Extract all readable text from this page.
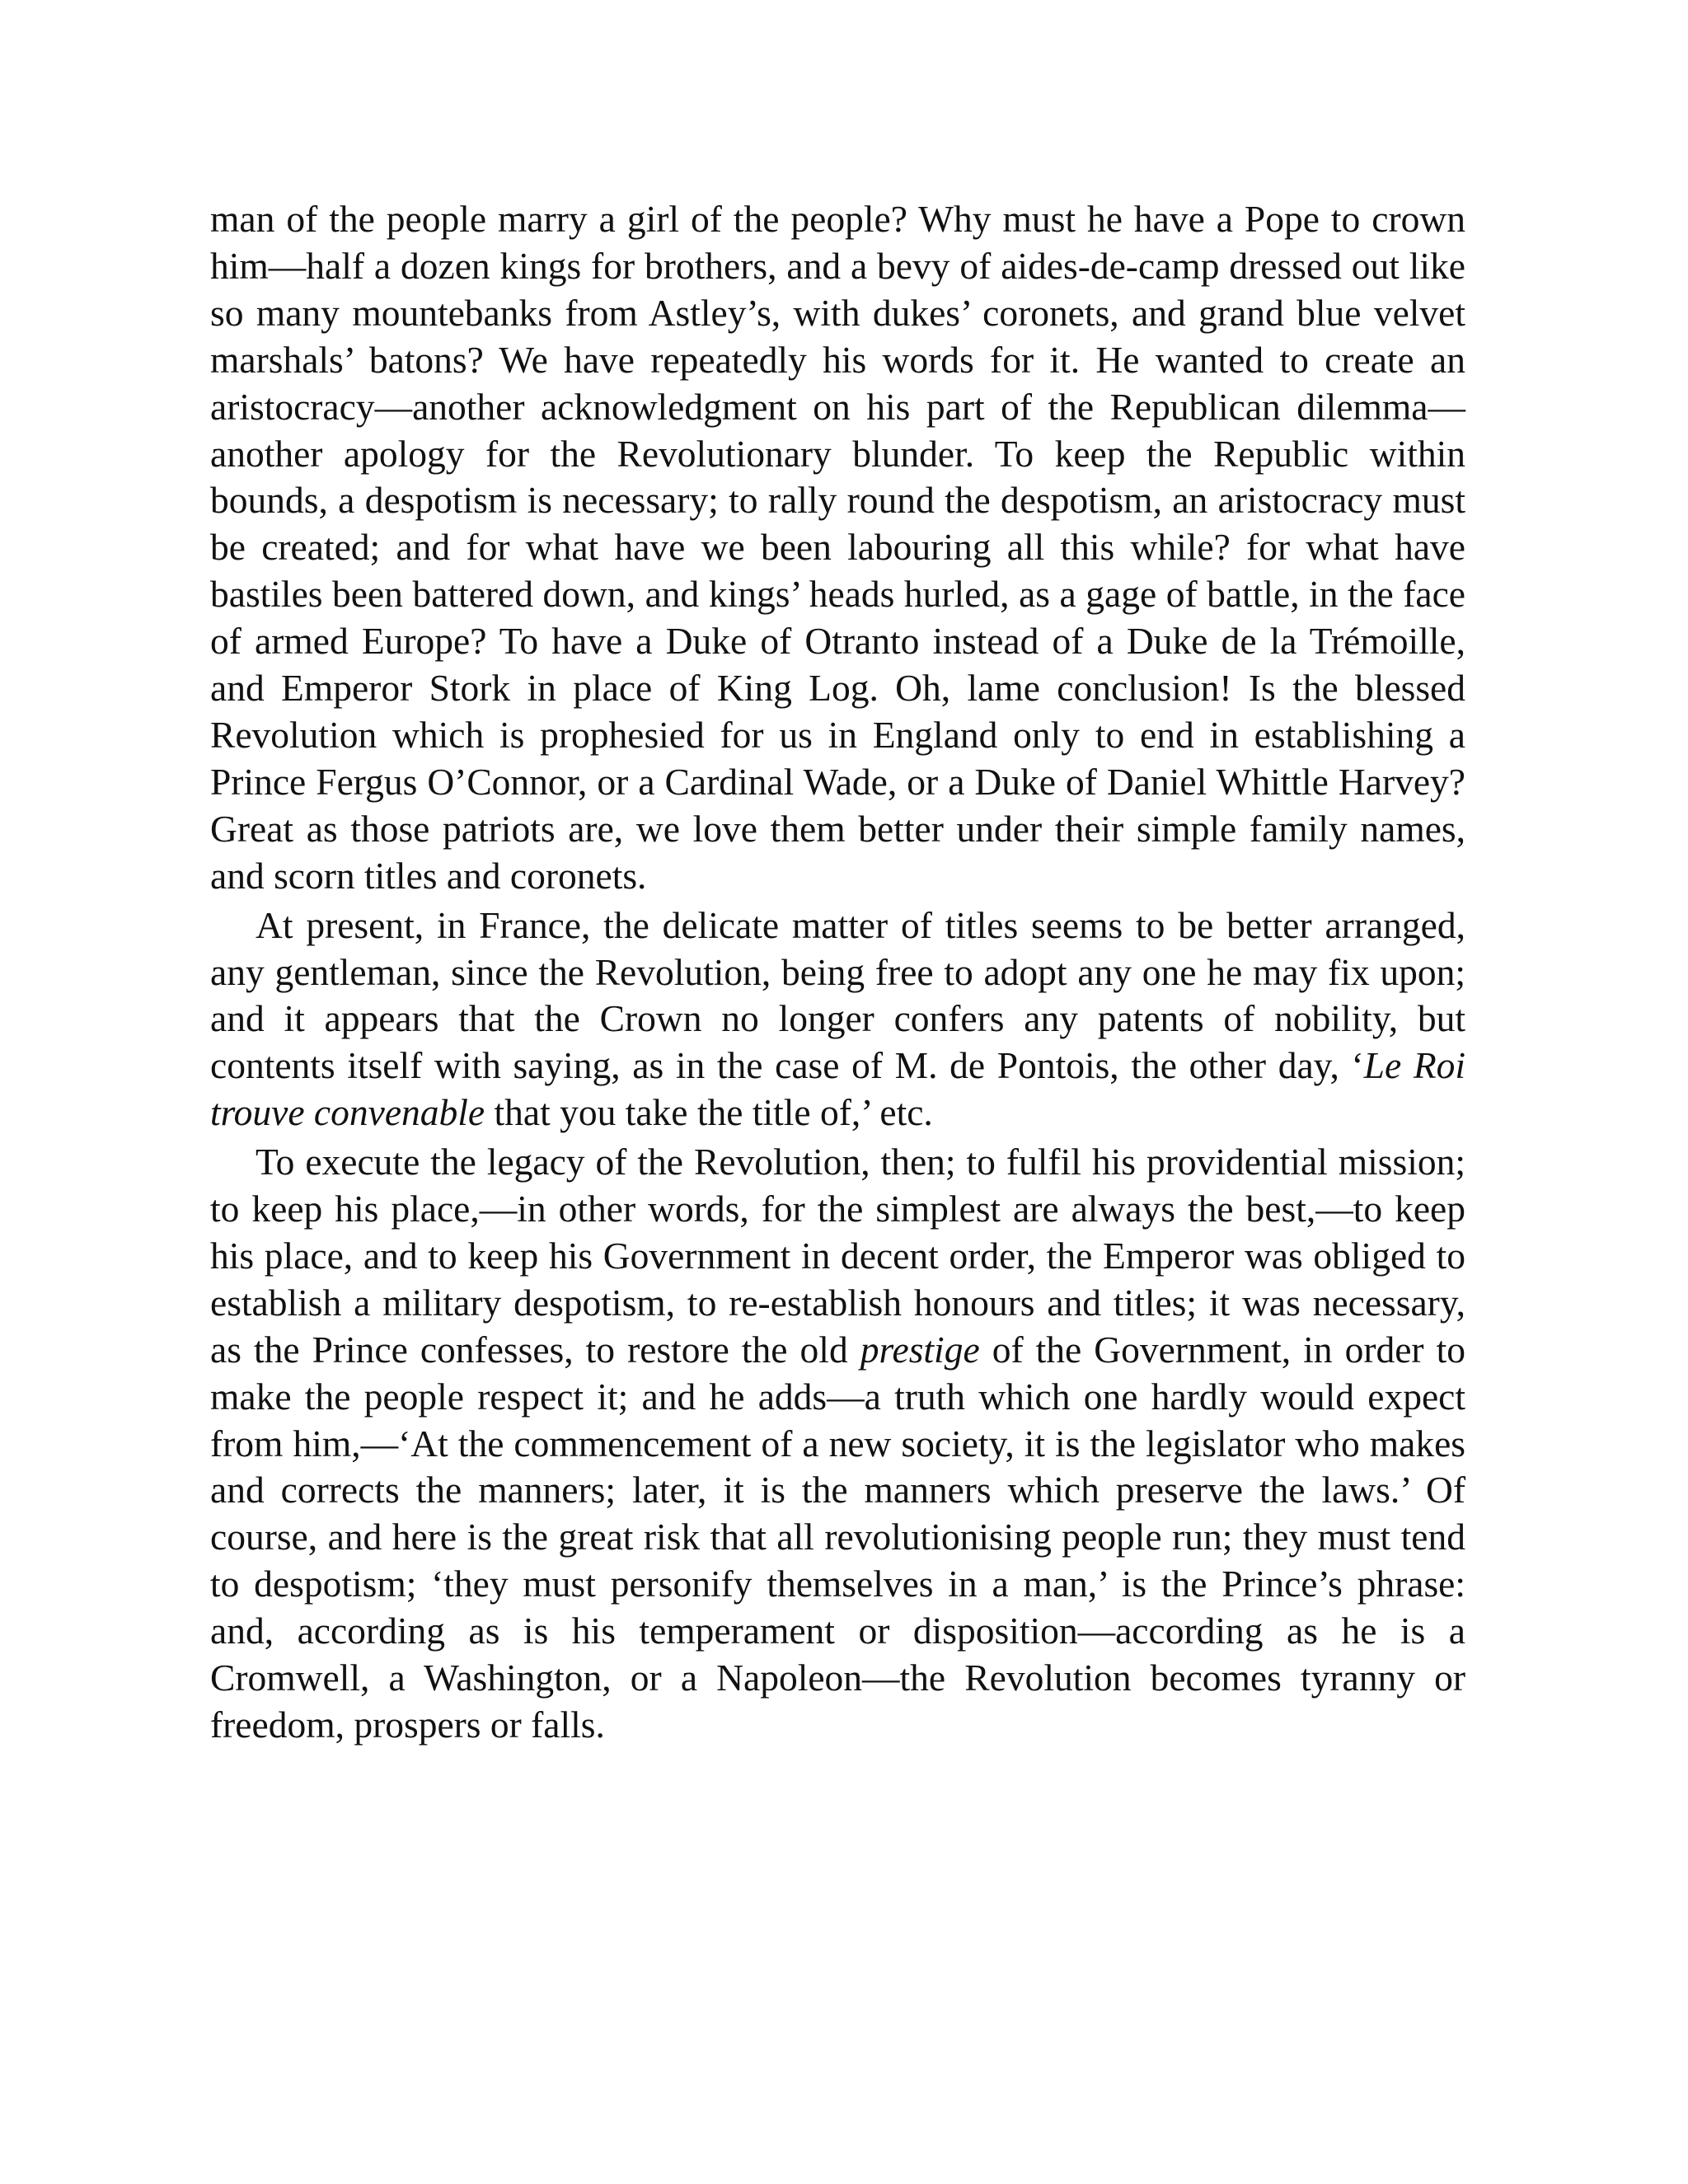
man of the people marry a girl of the people? Why must he have a Pope to crown him—half a dozen kings for brothers, and a bevy of aides-de-camp dressed out like so many mountebanks from Astley’s, with dukes’ coronets, and grand blue velvet marshals’ batons? We have repeatedly his words for it. He wanted to create an aristocracy—another acknowledgment on his part of the Republican dilemma—another apology for the Revolutionary blunder. To keep the Republic within bounds, a despotism is necessary; to rally round the despotism, an aristocracy must be created; and for what have we been labouring all this while? for what have bastiles been battered down, and kings’ heads hurled, as a gage of battle, in the face of armed Europe? To have a Duke of Otranto instead of a Duke de la Trémoille, and Emperor Stork in place of King Log. Oh, lame conclusion! Is the blessed Revolution which is prophesied for us in England only to end in establishing a Prince Fergus O’Connor, or a Cardinal Wade, or a Duke of Daniel Whittle Harvey? Great as those patriots are, we love them better under their simple family names, and scorn titles and coronets.

At present, in France, the delicate matter of titles seems to be better arranged, any gentleman, since the Revolution, being free to adopt any one he may fix upon; and it appears that the Crown no longer confers any patents of nobility, but contents itself with saying, as in the case of M. de Pontois, the other day, ‘Le Roi trouve convenable that you take the title of,’ etc.

To execute the legacy of the Revolution, then; to fulfil his providential mission; to keep his place,—in other words, for the simplest are always the best,—to keep his place, and to keep his Government in decent order, the Emperor was obliged to establish a military despotism, to re-establish honours and titles; it was necessary, as the Prince confesses, to restore the old prestige of the Government, in order to make the people respect it; and he adds—a truth which one hardly would expect from him,—‘At the commencement of a new society, it is the legislator who makes and corrects the manners; later, it is the manners which preserve the laws.’ Of course, and here is the great risk that all revolutionising people run; they must tend to despotism; ‘they must personify themselves in a man,’ is the Prince’s phrase: and, according as is his temperament or disposition—according as he is a Cromwell, a Washington, or a Napoleon—the Revolution becomes tyranny or freedom, prospers or falls.
